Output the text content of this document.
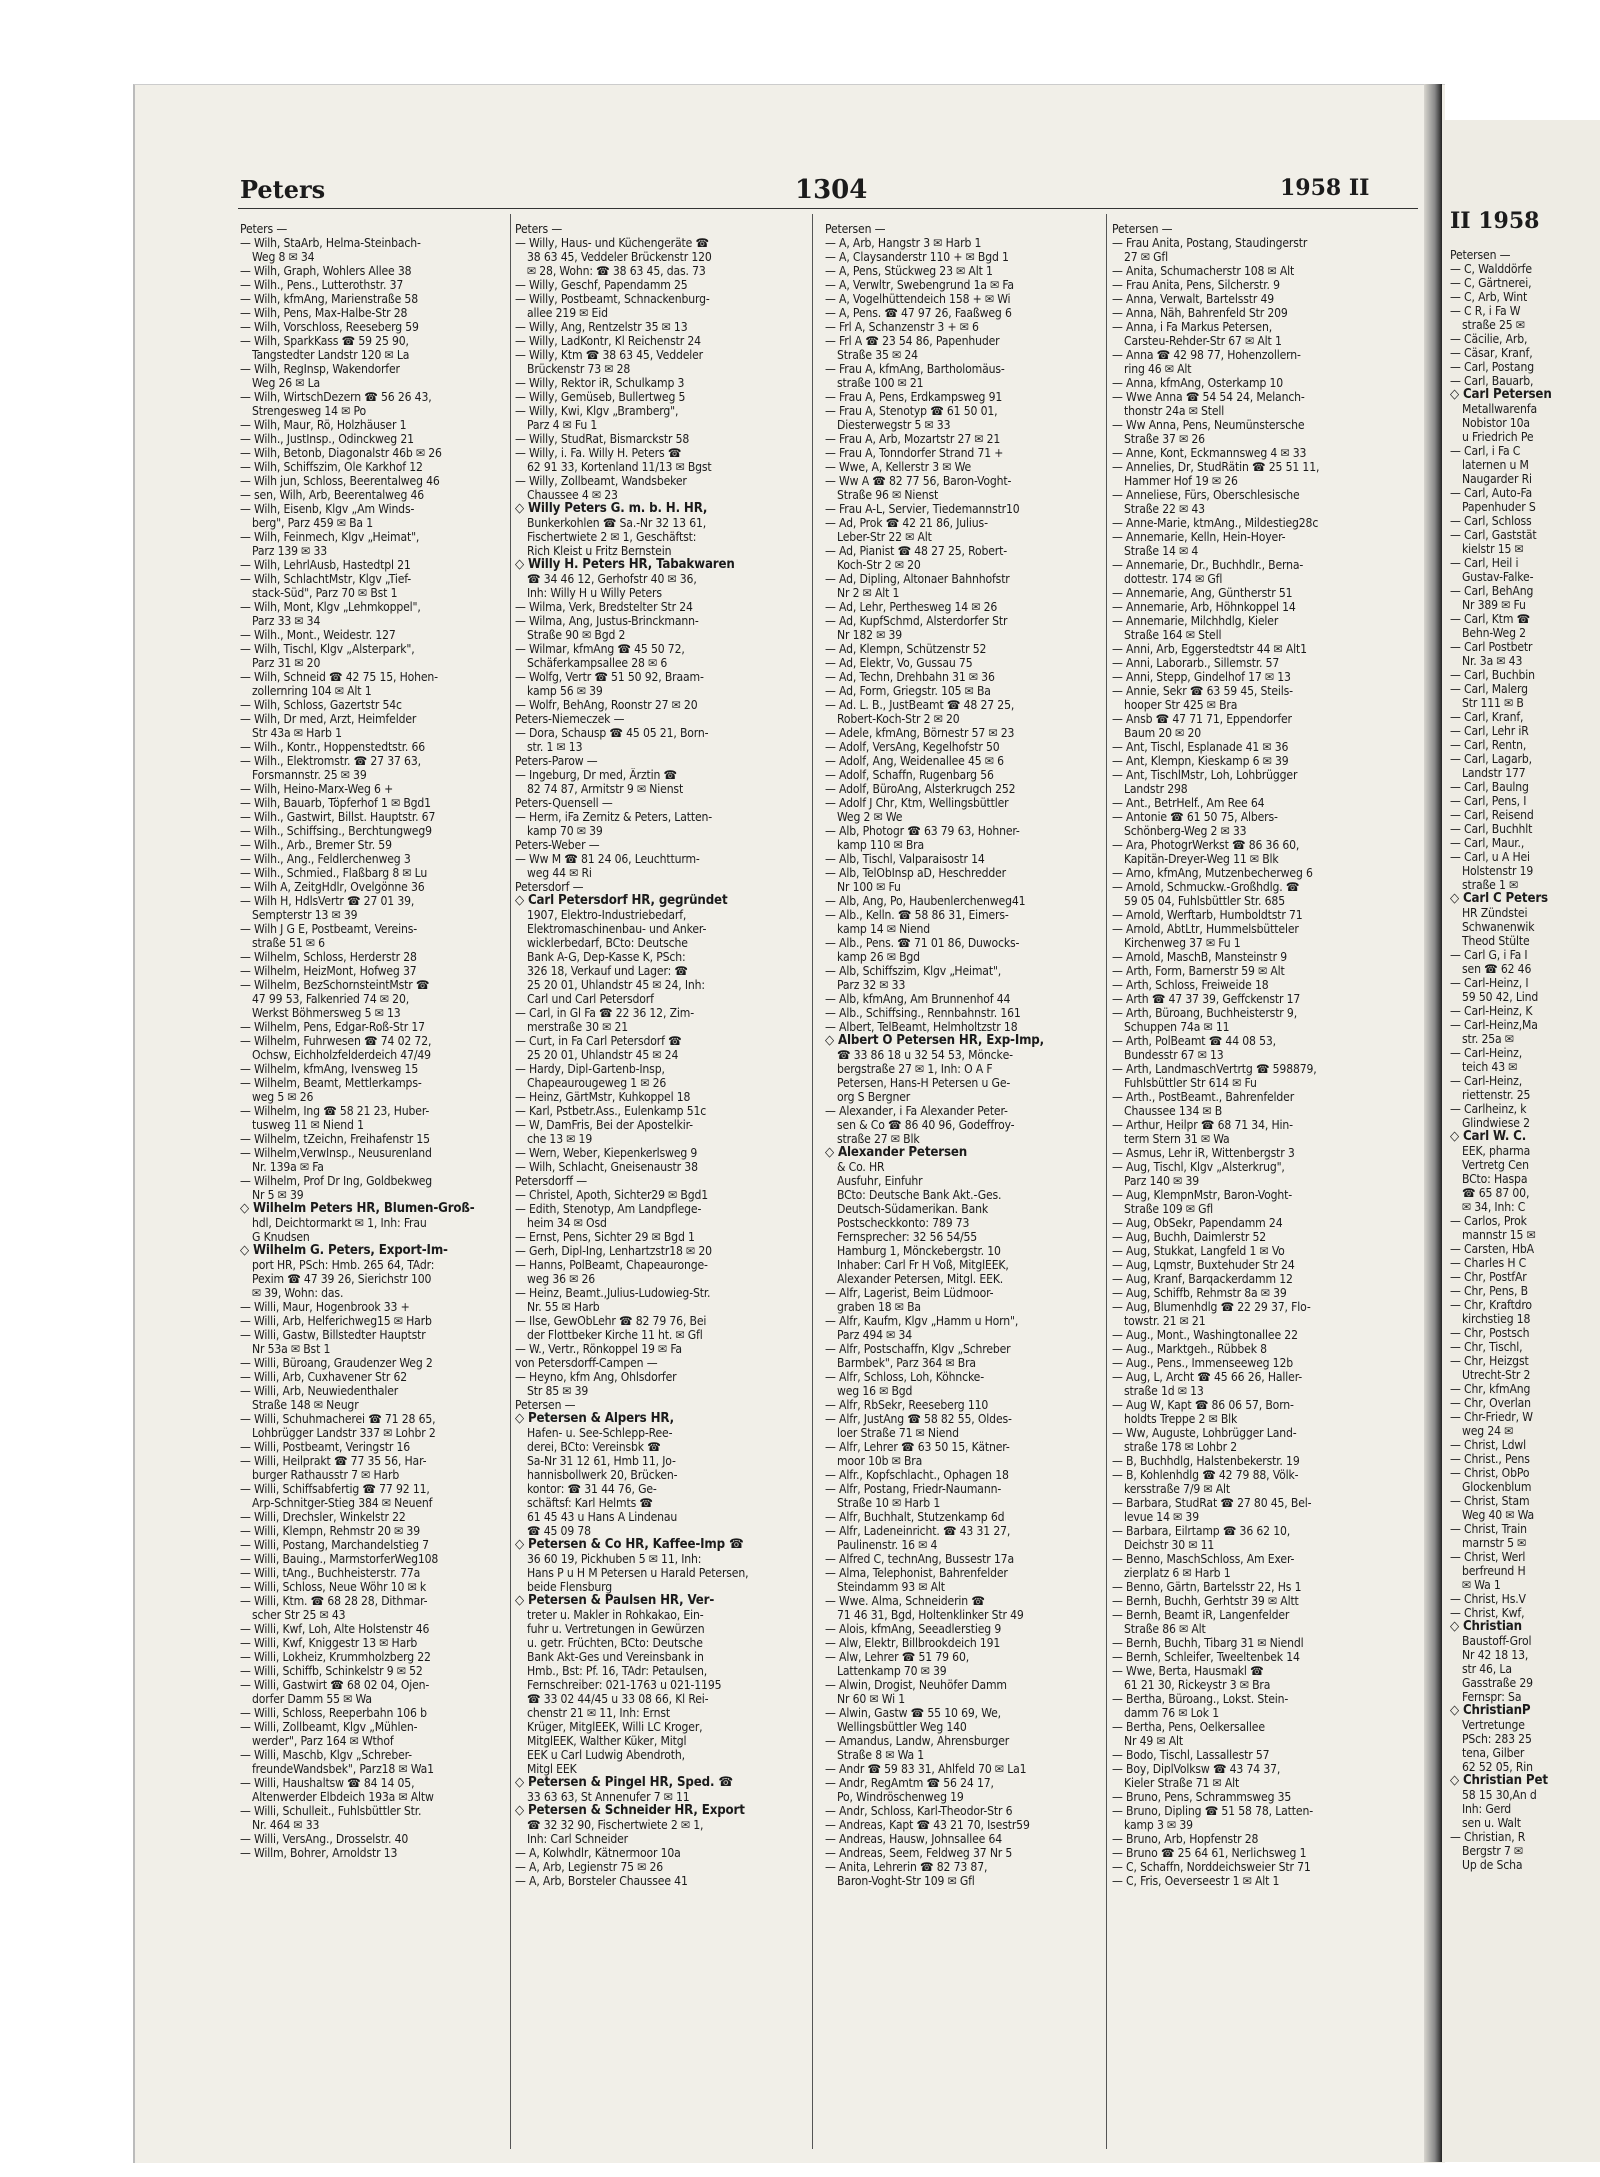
Peters	1304	1958 II

Peters —

— Wilh, StaArb, Helma-Steinbach-

Weg 8 ✉ 34

— Wilh, Graph, Wohlers Allee 38

— Wilh., Pens., Lutterothstr. 37

— Wilh, kfmAng, Marienstraße 58

— Wilh, Pens, Max-Halbe-Str 28

— Wilh, Vorschloss, Reeseberg 59

— Wilh, SparkKass ☎ 59 25 90,

Tangstedter Landstr 120 ✉ La

— Wilh, RegInsp, Wakendorfer

Weg 26 ✉ La

— Wilh, WirtschDezern ☎ 56 26 43,

Strengesweg 14 ✉ Po

— Wilh, Maur, Rö, Holzhäuser 1

— Wilh., JustInsp., Odinckweg 21

— Wilh, Betonb, Diagonalstr 46b ✉ 26

— Wilh, Schiffszim, Ole Karkhof 12

— Wilh jun, Schloss, Beerentalweg 46

— sen, Wilh, Arb, Beerentalweg 46

— Wilh, Eisenb, Klgv „Am Winds-

berg", Parz 459 ✉ Ba 1

— Wilh, Feinmech, Klgv „Heimat",

Parz 139 ✉ 33

— Wilh, LehrlAusb, Hastedtpl 21

— Wilh, SchlachtMstr, Klgv „Tief-

stack-Süd", Parz 70 ✉ Bst 1

— Wilh, Mont, Klgv „Lehmkoppel",

Parz 33 ✉ 34

— Wilh., Mont., Weidestr. 127

— Wilh, Tischl, Klgv „Alsterpark",

Parz 31 ✉ 20

— Wilh, Schneid ☎ 42 75 15, Hohen-

zollernring 104 ✉ Alt 1

— Wilh, Schloss, Gazertstr 54c

— Wilh, Dr med, Arzt, Heimfelder

Str 43a ✉ Harb 1

— Wilh., Kontr., Hoppenstedtstr. 66

— Wilh., Elektromstr. ☎ 27 37 63,

Forsmannstr. 25 ✉ 39

— Wilh, Heino-Marx-Weg 6 +

— Wilh, Bauarb, Töpferhof 1 ✉ Bgd1

— Wilh., Gastwirt, Billst. Hauptstr. 67

— Wilh., Schiffsing., Berchtungweg9

— Wilh., Arb., Bremer Str. 59

— Wilh., Ang., Feldlerchenweg 3

— Wilh., Schmied., Flaßbarg 8 ✉ Lu

— Wilh A, ZeitgHdlr, Ovelgönne 36

— Wilh H, HdlsVertr ☎ 27 01 39,

Sempterstr 13 ✉ 39

— Wilh J G E, Postbeamt, Vereins-

straße 51 ✉ 6

— Wilhelm, Schloss, Herderstr 28

— Wilhelm, HeizMont, Hofweg 37

— Wilhelm, BezSchornsteintMstr ☎

47 99 53, Falkenried 74 ✉ 20,

Werkst Böhmersweg 5 ✉ 13

— Wilhelm, Pens, Edgar-Roß-Str 17

— Wilhelm, Fuhrwesen ☎ 74 02 72,

Ochsw, Eichholzfelderdeich 47/49

— Wilhelm, kfmAng, Ivensweg 15

— Wilhelm, Beamt, Mettlerkamps-

weg 5 ✉ 26

— Wilhelm, Ing ☎ 58 21 23, Huber-

tusweg 11 ✉ Niend 1

— Wilhelm, tZeichn, Freihafenstr 15

— Wilhelm,VerwInsp., Neusurenland

Nr. 139a ✉ Fa

— Wilhelm, Prof Dr Ing, Goldbekweg

Nr 5 ✉ 39

◇ Wilhelm Peters HR, Blumen-Groß-

hdl, Deichtormarkt ✉ 1, Inh: Frau

G Knudsen

◇ Wilhelm G. Peters, Export-Im-

port HR, PSch: Hmb. 265 64, TAdr:

Pexim ☎ 47 39 26, Sierichstr 100

✉ 39, Wohn: das.

— Willi, Maur, Hogenbrook 33 +

— Willi, Arb, Helferichweg15 ✉ Harb

— Willi, Gastw, Billstedter Hauptstr

Nr 53a ✉ Bst 1

— Willi, Büroang, Graudenzer Weg 2

— Willi, Arb, Cuxhavener Str 62

— Willi, Arb, Neuwiedenthaler

Straße 148 ✉ Neugr

— Willi, Schuhmacherei ☎ 71 28 65,

Lohbrügger Landstr 337 ✉ Lohbr 2

— Willi, Postbeamt, Veringstr 16

— Willi, Heilprakt ☎ 77 35 56, Har-

burger Rathausstr 7 ✉ Harb

— Willi, Schiffsabfertig ☎ 77 92 11,

Arp-Schnitger-Stieg 384 ✉ Neuenf

— Willi, Drechsler, Winkelstr 22

— Willi, Klempn, Rehmstr 20 ✉ 39

— Willi, Postang, Marchandelstieg 7

— Willi, Bauing., MarmstorferWeg108

— Willi, tAng., Buchheisterstr. 77a

— Willi, Schloss, Neue Wöhr 10 ✉ k

— Willi, Ktm. ☎ 68 28 28, Dithmar-

scher Str 25 ✉ 43

— Willi, Kwf, Loh, Alte Holstenstr 46

— Willi, Kwf, Kniggestr 13 ✉ Harb

— Willi, Lokheiz, Krummholzberg 22

— Willi, Schiffb, Schinkelstr 9 ✉ 52

— Willi, Gastwirt ☎ 68 02 04, Ojen-

dorfer Damm 55 ✉ Wa

— Willi, Schloss, Reeperbahn 106 b

— Willi, Zollbeamt, Klgv „Mühlen-

werder", Parz 164 ✉ Wthof

— Willi, Maschb, Klgv „Schreber-

freundeWandsbek", Parz18 ✉ Wa1

— Willi, Haushaltsw ☎ 84 14 05,

Altenwerder Elbdeich 193a ✉ Altw

— Willi, Schulleit., Fuhlsbüttler Str.

Nr. 464 ✉ 33

— Willi, VersAng., Drosselstr. 40

— Willm, Bohrer, Arnoldstr 13

Peters —

— Willy, Haus- und Küchengeräte ☎

38 63 45, Veddeler Brückenstr 120

✉ 28, Wohn: ☎ 38 63 45, das. 73

— Willy, Geschf, Papendamm 25

— Willy, Postbeamt, Schnackenburg-

allee 219 ✉ Eid

— Willy, Ang, Rentzelstr 35 ✉ 13

— Willy, LadKontr, Kl Reichenstr 24

— Willy, Ktm ☎ 38 63 45, Veddeler

Brückenstr 73 ✉ 28

— Willy, Rektor iR, Schulkamp 3

— Willy, Gemüseb, Bullertweg 5

— Willy, Kwi, Klgv „Bramberg",

Parz 4 ✉ Fu 1

— Willy, StudRat, Bismarckstr 58

— Willy, i. Fa. Willy H. Peters ☎

62 91 33, Kortenland 11/13 ✉ Bgst

— Willy, Zollbeamt, Wandsbeker

Chaussee 4 ✉ 23

◇ Willy Peters G. m. b. H. HR,

Bunkerkohlen ☎ Sa.-Nr 32 13 61,

Fischertwiete 2 ✉ 1, Geschäftst:

Rich Kleist u Fritz Bernstein

◇ Willy H. Peters HR, Tabakwaren

☎ 34 46 12, Gerhofstr 40 ✉ 36,

Inh: Willy H u Willy Peters

— Wilma, Verk, Bredstelter Str 24

— Wilma, Ang, Justus-Brinckmann-

Straße 90 ✉ Bgd 2

— Wilmar, kfmAng ☎ 45 50 72,

Schäferkampsallee 28 ✉ 6

— Wolfg, Vertr ☎ 51 50 92, Braam-

kamp 56 ✉ 39

— Wolfr, BehAng, Roonstr 27 ✉ 20

Peters-Niemeczek —

— Dora, Schausp ☎ 45 05 21, Born-

str. 1 ✉ 13

Peters-Parow —

— Ingeburg, Dr med, Ärztin ☎

82 74 87, Armitstr 9 ✉ Nienst

Peters-Quensell —

— Herm, iFa Zernitz & Peters, Latten-

kamp 70 ✉ 39

Peters-Weber —

— Ww M ☎ 81 24 06, Leuchtturm-

weg 44 ✉ Ri

Petersdorf —

◇ Carl Petersdorf HR, gegründet

1907, Elektro-Industriebedarf,

Elektromaschinenbau- und Anker-

wicklerbedarf, BCto: Deutsche

Bank A-G, Dep-Kasse K, PSch:

326 18, Verkauf und Lager: ☎

25 20 01, Uhlandstr 45 ✉ 24, Inh:

Carl und Carl Petersdorf

— Carl, in Gl Fa ☎ 22 36 12, Zim-

merstraße 30 ✉ 21

— Curt, in Fa Carl Petersdorf ☎

25 20 01, Uhlandstr 45 ✉ 24

— Hardy, Dipl-Gartenb-Insp,

Chapeaurougeweg 1 ✉ 26

— Heinz, GärtMstr, Kuhkoppel 18

— Karl, Pstbetr.Ass., Eulenkamp 51c

— W, DamFris, Bei der Apostelkir-

che 13 ✉ 19

— Wern, Weber, Kiepenkerlsweg 9

— Wilh, Schlacht, Gneisenaustr 38

Petersdorff —

— Christel, Apoth, Sichter29 ✉ Bgd1

— Edith, Stenotyp, Am Landpflege-

heim 34 ✉ Osd

— Ernst, Pens, Sichter 29 ✉ Bgd 1

— Gerh, Dipl-Ing, Lenhartzstr18 ✉ 20

— Hanns, PolBeamt, Chapeauronge-

weg 36 ✉ 26

— Heinz, Beamt.,Julius-Ludowieg-Str.

Nr. 55 ✉ Harb

— Ilse, GewObLehr ☎ 82 79 76, Bei

der Flottbeker Kirche 11 ht. ✉ Gfl

— W., Vertr., Rönkoppel 19 ✉ Fa

von Petersdorff-Campen —

— Heyno, kfm Ang, Ohlsdorfer

Str 85 ✉ 39

Petersen —

◇ Petersen & Alpers HR,

Hafen- u. See-Schlepp-Ree-

derei, BCto: Vereinsbk ☎

Sa-Nr 31 12 61, Hmb 11, Jo-

hannisbollwerk 20, Brücken-

kontor: ☎ 31 44 76, Ge-

schäftsf: Karl Helmts ☎

61 45 43 u Hans A Lindenau

☎ 45 09 78

◇ Petersen & Co HR, Kaffee-Imp ☎

36 60 19, Pickhuben 5 ✉ 11, Inh:

Hans P u H M Petersen u Harald Petersen,

beide Flensburg

◇ Petersen & Paulsen HR, Ver-

treter u. Makler in Rohkakao, Ein-

fuhr u. Vertretungen in Gewürzen

u. getr. Früchten, BCto: Deutsche

Bank Akt-Ges und Vereinsbank in

Hmb., Bst: Pf. 16, TAdr: Petaulsen,

Fernschreiber: 021-1763 u 021-1195

☎ 33 02 44/45 u 33 08 66, Kl Rei-

chenstr 21 ✉ 11, Inh: Ernst

Krüger, MitglEEK, Willi LC Kroger,

MitglEEK, Walther Küker, Mitgl

EEK u Carl Ludwig Abendroth,

Mitgl EEK

◇ Petersen & Pingel HR, Sped. ☎

33 63 63, St Annenufer 7 ✉ 11

◇ Petersen & Schneider HR, Export

☎ 32 32 90, Fischertwiete 2 ✉ 1,

Inh: Carl Schneider

— A, Kolwhdlr, Kätnermoor 10a

— A, Arb, Legienstr 75 ✉ 26

— A, Arb, Borsteler Chaussee 41

Petersen —

— A, Arb, Hangstr 3 ✉ Harb 1

— A, Claysanderstr 110 + ✉ Bgd 1

— A, Pens, Stückweg 23 ✉ Alt 1

— A, Verwltr, Swebengrund 1a ✉ Fa

— A, Vogelhüttendeich 158 + ✉ Wi

— A, Pens. ☎ 47 97 26, Faaßweg 6

— Frl A, Schanzenstr 3 + ✉ 6

— Frl A ☎ 23 54 86, Papenhuder

Straße 35 ✉ 24

— Frau A, kfmAng, Bartholomäus-

straße 100 ✉ 21

— Frau A, Pens, Erdkampsweg 91

— Frau A, Stenotyp ☎ 61 50 01,

Diesterwegstr 5 ✉ 33

— Frau A, Arb, Mozartstr 27 ✉ 21

— Frau A, Tonndorfer Strand 71 +

— Wwe, A, Kellerstr 3 ✉ We

— Ww A ☎ 82 77 56, Baron-Voght-

Straße 96 ✉ Nienst

— Frau A-L, Servier, Tiedemannstr10

— Ad, Prok ☎ 42 21 86, Julius-

Leber-Str 22 ✉ Alt

— Ad, Pianist ☎ 48 27 25, Robert-

Koch-Str 2 ✉ 20

— Ad, Dipling, Altonaer Bahnhofstr

Nr 2 ✉ Alt 1

— Ad, Lehr, Perthesweg 14 ✉ 26

— Ad, KupfSchmd, Alsterdorfer Str

Nr 182 ✉ 39

— Ad, Klempn, Schützenstr 52

— Ad, Elektr, Vo, Gussau 75

— Ad, Techn, Drehbahn 31 ✉ 36

— Ad, Form, Griegstr. 105 ✉ Ba

— Ad. L. B., JustBeamt ☎ 48 27 25,

Robert-Koch-Str 2 ✉ 20

— Adele, kfmAng, Börnestr 57 ✉ 23

— Adolf, VersAng, Kegelhofstr 50

— Adolf, Ang, Weidenallee 45 ✉ 6

— Adolf, Schaffn, Rugenbarg 56

— Adolf, BüroAng, Alsterkrugch 252

— Adolf J Chr, Ktm, Wellingsbüttler

Weg 2 ✉ We

— Alb, Photogr ☎ 63 79 63, Hohner-

kamp 110 ✉ Bra

— Alb, Tischl, Valparaisostr 14

— Alb, TelObInsp aD, Heschredder

Nr 100 ✉ Fu

— Alb, Ang, Po, Haubenlerchenweg41

— Alb., Kelln. ☎ 58 86 31, Eimers-

kamp 14 ✉ Niend

— Alb., Pens. ☎ 71 01 86, Duwocks-

kamp 26 ✉ Bgd

— Alb, Schiffszim, Klgv „Heimat",

Parz 32 ✉ 33

— Alb, kfmAng, Am Brunnenhof 44

— Alb., Schiffsing., Rennbahnstr. 161

— Albert, TelBeamt, Helmholtzstr 18

◇ Albert O Petersen HR, Exp-Imp,

☎ 33 86 18 u 32 54 53, Mönckе-

bergstraße 27 ✉ 1, Inh: O A F

Petersen, Hans-H Petersen u Ge-

org S Bergner

— Alexander, i Fa Alexander Peter-

sen & Co ☎ 86 40 96, Godeffroy-

straße 27 ✉ Blk

◇ Alexander Petersen

& Co. HR

Ausfuhr, Einfuhr

BCto: Deutsche Bank Akt.-Ges.

Deutsch-Südamerikan. Bank

Postscheckkonto: 789 73

Fernsprecher: 32 56 54/55

Hamburg 1, Mönckebergstr. 10

Inhaber: Carl Fr H Voß, MitglEEK,

Alexander Petersen, Mitgl. EEK.

— Alfr, Lagerist, Beim Lüdmoor-

graben 18 ✉ Ba

— Alfr, Kaufm, Klgv „Hamm u Horn",

Parz 494 ✉ 34

— Alfr, Postschaffn, Klgv „Schreber

Barmbek", Parz 364 ✉ Bra

— Alfr, Schloss, Loh, Köhncke-

weg 16 ✉ Bgd

— Alfr, RbSekr, Reeseberg 110

— Alfr, JustAng ☎ 58 82 55, Oldes-

loer Straße 71 ✉ Niend

— Alfr, Lehrer ☎ 63 50 15, Kätner-

moor 10b ✉ Bra

— Alfr., Kopfschlacht., Ophagen 18

— Alfr, Postang, Friedr-Naumann-

Straße 10 ✉ Harb 1

— Alfr, Buchhalt, Stutzenkamp 6d

— Alfr, Ladeneinricht. ☎ 43 31 27,

Paulinenstr. 16 ✉ 4

— Alfred C, technAng, Bussestr 17a

— Alma, Telephonist, Bahrenfelder

Steindamm 93 ✉ Alt

— Wwe. Alma, Schneiderin ☎

71 46 31, Bgd, Holtenklinker Str 49

— Alois, kfmAng, Seeadlerstieg 9

— Alw, Elektr, Billbrookdeich 191

— Alw, Lehrer ☎ 51 79 60,

Lattenkamp 70 ✉ 39

— Alwin, Drogist, Neuhöfer Damm

Nr 60 ✉ Wi 1

— Alwin, Gastw ☎ 55 10 69, We,

Wellingsbüttler Weg 140

— Amandus, Landw, Ahrensburger

Straße 8 ✉ Wa 1

— Andr ☎ 59 83 31, Ahlfeld 70 ✉ La1

— Andr, RegAmtm ☎ 56 24 17,

Po, Windröschenweg 19

— Andr, Schloss, Karl-Theodor-Str 6

— Andreas, Kapt ☎ 43 21 70, Isestr59

— Andreas, Hausw, Johnsallee 64

— Andreas, Seem, Feldweg 37 Nr 5

— Anita, Lehrerin ☎ 82 73 87,

Baron-Voght-Str 109 ✉ Gfl

Petersen —

— Frau Anita, Postang, Staudingerstr

27 ✉ Gfl

— Anita, Schumacherstr 108 ✉ Alt

— Frau Anita, Pens, Silcherstr. 9

— Anna, Verwalt, Bartelsstr 49

— Anna, Näh, Bahrenfeld Str 209

— Anna, i Fa Markus Petersen,

Carsteu-Rehder-Str 67 ✉ Alt 1

— Anna ☎ 42 98 77, Hohenzollern-

ring 46 ✉ Alt

— Anna, kfmAng, Osterkamp 10

— Wwe Anna ☎ 54 54 24, Melanch-

thonstr 24a ✉ Stell

— Ww Anna, Pens, Neumünstersche

Straße 37 ✉ 26

— Anne, Kont, Eckmannsweg 4 ✉ 33

— Annelies, Dr, StudRätin ☎ 25 51 11,

Hammer Hof 19 ✉ 26

— Anneliese, Fürs, Oberschlesische

Straße 22 ✉ 43

— Anne-Marie, ktmAng., Mildestieg28c

— Annemarie, Kelln, Hein-Hoyer-

Straße 14 ✉ 4

— Annemarie, Dr., Buchhdlr., Berna-

dottestr. 174 ✉ Gfl

— Annemarie, Ang, Güntherstr 51

— Annemarie, Arb, Höhnkoppel 14

— Annemarie, Milchhdlg, Kieler

Straße 164 ✉ Stell

— Anni, Arb, Eggerstedtstr 44 ✉ Alt1

— Anni, Laborarb., Sillemstr. 57

— Anni, Stepp, Gindelhof 17 ✉ 13

— Annie, Sekr ☎ 63 59 45, Steils-

hooper Str 425 ✉ Bra

— Ansb ☎ 47 71 71, Eppendorfer

Baum 20 ✉ 20

— Ant, Tischl, Esplanade 41 ✉ 36

— Ant, Klempn, Kieskamp 6 ✉ 39

— Ant, TischlMstr, Loh, Lohbrügger

Landstr 298

— Ant., BetrHelf., Am Ree 64

— Antonie ☎ 61 50 75, Albers-

Schönberg-Weg 2 ✉ 33

— Ara, PhotogrWerkst ☎ 86 36 60,

Kapitän-Dreyer-Weg 11 ✉ Blk

— Arno, kfmAng, Mutzenbecherweg 6

— Arnold, Schmuckw.-Großhdlg. ☎

59 05 04, Fuhlsbüttler Str. 685

— Arnold, Werftarb, Humboldtstr 71

— Arnold, AbtLtr, Hummelsbütteler

Kirchenweg 37 ✉ Fu 1

— Arnold, MaschB, Mansteinstr 9

— Arth, Form, Barnerstr 59 ✉ Alt

— Arth, Schloss, Freiweide 18

— Arth ☎ 47 37 39, Geffckenstr 17

— Arth, Büroang, Buchheisterstr 9,

Schuppen 74a ✉ 11

— Arth, PolBeamt ☎ 44 08 53,

Bundesstr 67 ✉ 13

— Arth, LandmaschVertrtg ☎ 598879,

Fuhlsbüttler Str 614 ✉ Fu

— Arth., PostBeamt., Bahrenfelder

Chaussee 134 ✉ B

— Arthur, Heilpr ☎ 68 71 34, Hin-

term Stern 31 ✉ Wa

— Asmus, Lehr iR, Wittenbergstr 3

— Aug, Tischl, Klgv „Alsterkrug",

Parz 140 ✉ 39

— Aug, KlempnMstr, Baron-Voght-

Straße 109 ✉ Gfl

— Aug, ObSekr, Papendamm 24

— Aug, Buchh, Daimlerstr 52

— Aug, Stukkat, Langfeld 1 ✉ Vo

— Aug, Lqmstr, Buxtehuder Str 24

— Aug, Kranf, Barqackerdamm 12

— Aug, Schiffb, Rehmstr 8a ✉ 39

— Aug, Blumenhdlg ☎ 22 29 37, Flo-

towstr. 21 ✉ 21

— Aug., Mont., Washingtonallee 22

— Aug., Marktgeh., Rübbek 8

— Aug., Pens., Immenseeweg 12b

— Aug, L, Archt ☎ 45 66 26, Haller-

straße 1d ✉ 13

— Aug W, Kapt ☎ 86 06 57, Born-

holdts Treppe 2 ✉ Blk

— Ww, Auguste, Lohbrügger Land-

straße 178 ✉ Lohbr 2

— B, Buchhdlg, Halstenbekerstr. 19

— B, Kohlenhdlg ☎ 42 79 88, Völk-

kersstraße 7/9 ✉ Alt

— Barbara, StudRat ☎ 27 80 45, Bel-

levue 14 ✉ 39

— Barbara, Eilrtamp ☎ 36 62 10,

Deichstr 30 ✉ 11

— Benno, MaschSchloss, Am Exer-

zierplatz 6 ✉ Harb 1

— Benno, Gärtn, Bartelsstr 22, Hs 1

— Bernh, Buchh, Gerhtstr 39 ✉ Altt

— Bernh, Beamt iR, Langenfelder

Straße 86 ✉ Alt

— Bernh, Buchh, Tibarg 31 ✉ Niendl

— Bernh, Schleifer, Tweeltenbek 14

— Wwe, Berta, Hausmakl ☎

61 21 30, Rickeystr 3 ✉ Bra

— Bertha, Büroang., Lokst. Stein-

damm 76 ✉ Lok 1

— Bertha, Pens, Oelkersallee

Nr 49 ✉ Alt

— Bodo, Tischl, Lassallestr 57

— Boy, DiplVolksw ☎ 43 74 37,

Kieler Straße 71 ✉ Alt

— Bruno, Pens, Schrammsweg 35

— Bruno, Dipling ☎ 51 58 78, Latten-

kamp 3 ✉ 39

— Bruno, Arb, Hopfenstr 28

— Bruno ☎ 25 64 61, Nerlichsweg 1

— C, Schaffn, Norddeichsweier Str 71

— C, Fris, Oeverseestr 1 ✉ Alt 1

II 1958

Petersen —

— C, Walddörfe

— C, Gärtnerei,

— C, Arb, Wint

— C R, i Fa W

straße 25 ✉

— Cäcilie, Arb,

— Cäsar, Kranf,

— Carl, Postang

— Carl, Bauarb,

◇ Carl Petersen

Metallwarenfa

Nobistor 10a

u Friedrich Pe

— Carl, i Fa C

laternen u M

Naugarder Ri

— Carl, Auto-Fa

Papenhuder S

— Carl, Schloss

— Carl, Gaststät

kielstr 15 ✉

— Carl, Heil i

Gustav-Falke-

— Carl, BehAng

Nr 389 ✉ Fu

— Carl, Ktm ☎

Behn-Weg 2

— Carl Postbetr

Nr. 3a ✉ 43

— Carl, Buchbin

— Carl, Malerg

Str 111 ✉ B

— Carl, Kranf,

— Carl, Lehr iR

— Carl, Rentn,

— Carl, Lagarb,

Landstr 177

— Carl, Baulng

— Carl, Pens, I

— Carl, Reisend

— Carl, Buchhlt

— Carl, Maur.,

— Carl, u A Hei

Holstenstr 19

straße 1 ✉

◇ Carl C Peters

HR Zündstei

Schwanenwik

Theod Stülte

— Carl G, i Fa I

sen ☎ 62 46

— Carl-Heinz, I

59 50 42, Lind

— Carl-Heinz, K

— Carl-Heinz,Ma

str. 25a ✉

— Carl-Heinz,

teich 43 ✉

— Carl-Heinz,

riettenstr. 25

— Carlheinz, k

Glindwiese 2

◇ Carl W. C.

EEK, pharma

Vertretg Cen

BCto: Haspa

☎ 65 87 00,

✉ 34, Inh: C

— Carlos, Prok

mannstr 15 ✉

— Carsten, HbA

— Charles H C

— Chr, PostfAr

— Chr, Pens, B

— Chr, Kraftdro

kirchstieg 18

— Chr, Postsch

— Chr, Tischl,

— Chr, Heizgst

Utrecht-Str 2

— Chr, kfmAng

— Chr, Overlan

— Chr-Friedr, W

weg 24 ✉

— Christ, Ldwl

— Christ., Pens

— Christ, ObPo

Glockenblum

— Christ, Stam

Weg 40 ✉ Wa

— Christ, Train

marnstr 5 ✉

— Christ, Werl

berfreund H

✉ Wa 1

— Christ, Hs.V

— Christ, Kwf,

◇ Christian

Baustoff-Grol

Nr 42 18 13,

str 46, La

Gasstraße 29

Fernspr: Sa

◇ ChristianP

Vertretunge

PSch: 283 25

tena, Gilber

62 52 05, Rin

◇ Christian Pet

58 15 30,An d

Inh: Gerd

sen u. Walt

— Christian, R

Bergstr 7 ✉

Up de Scha
